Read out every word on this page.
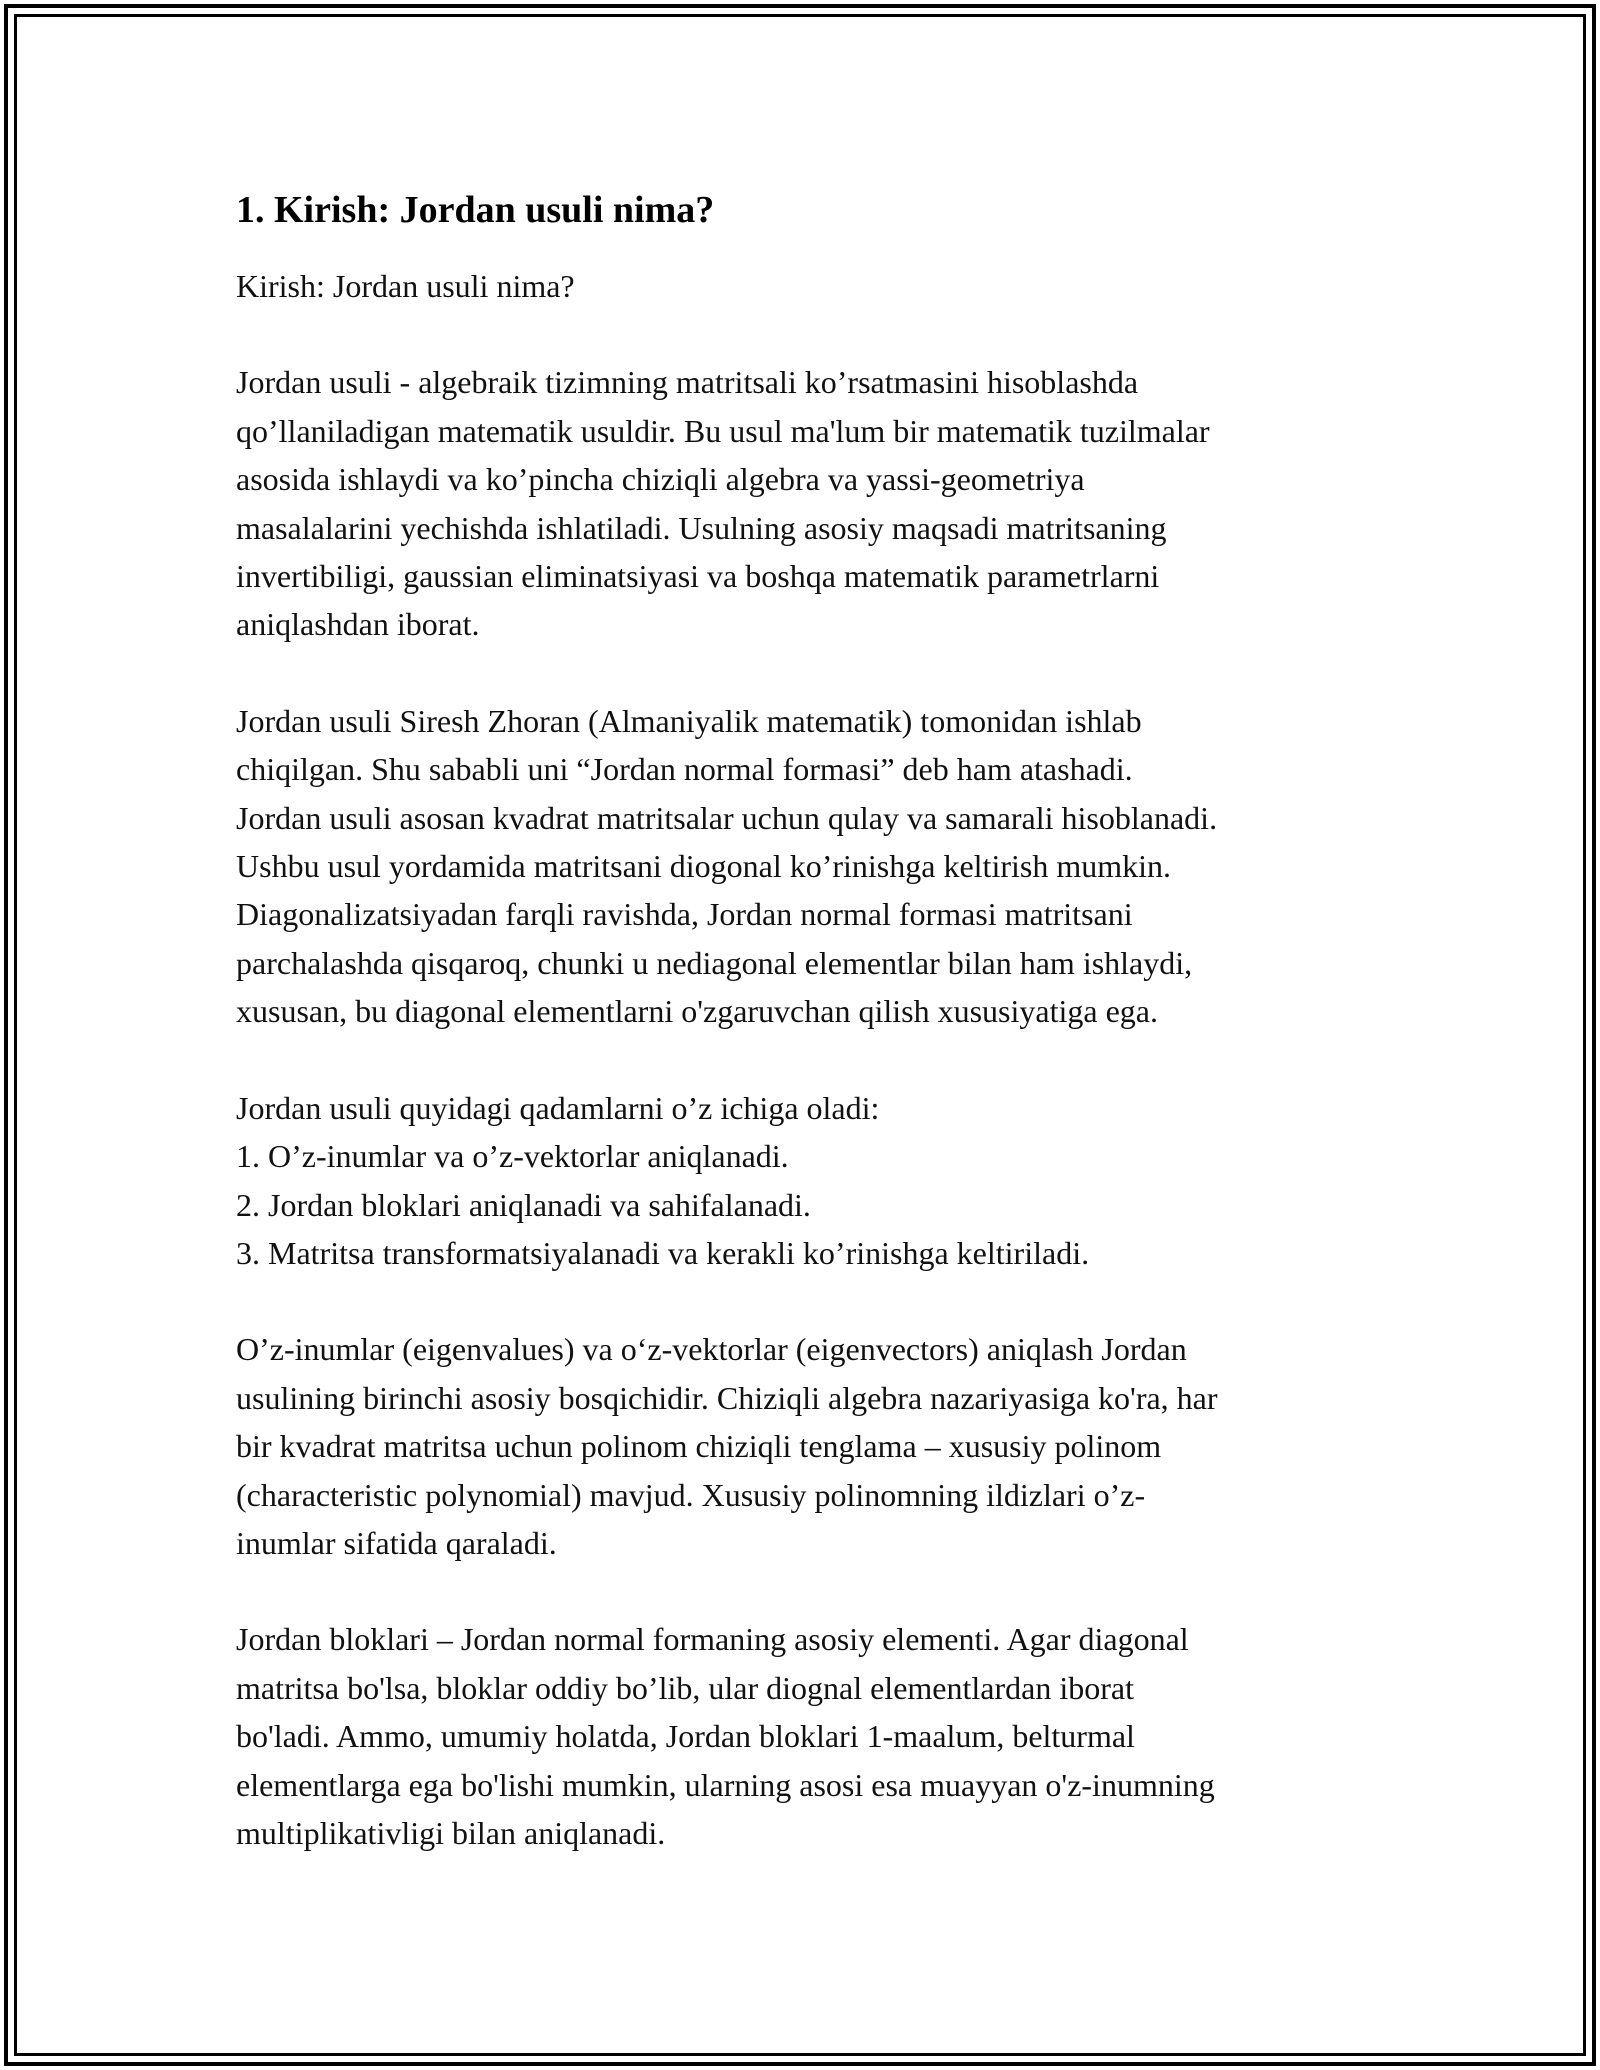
1. Kirish: Jordan usuli nima?

Kirish: Jordan usuli nima?

Jordan usuli - algebraik tizimning matritsali ko’rsatmasini hisoblashda

qo’llaniladigan matematik usuldir. Bu usul ma'lum bir matematik tuzilmalar

asosida ishlaydi va ko’pincha chiziqli algebra va yassi-geometriya

masalalarini yechishda ishlatiladi. Usulning asosiy maqsadi matritsaning

invertibiligi, gaussian eliminatsiyasi va boshqa matematik parametrlarni

aniqlashdan iborat.

Jordan usuli Siresh Zhoran (Almaniyalik matematik) tomonidan ishlab

chiqilgan. Shu sababli uni “Jordan normal formasi” deb ham atashadi.

Jordan usuli asosan kvadrat matritsalar uchun qulay va samarali hisoblanadi.

Ushbu usul yordamida matritsani diogonal ko’rinishga keltirish mumkin.

Diagonalizatsiyadan farqli ravishda, Jordan normal formasi matritsani

parchalashda qisqaroq, chunki u nediagonal elementlar bilan ham ishlaydi,

xususan, bu diagonal elementlarni o'zgaruvchan qilish xususiyatiga ega.

Jordan usuli quyidagi qadamlarni o’z ichiga oladi:

1. O’z-inumlar va o’z-vektorlar aniqlanadi.

2. Jordan bloklari aniqlanadi va sahifalanadi.

3. Matritsa transformatsiyalanadi va kerakli ko’rinishga keltiriladi.

O’z-inumlar (eigenvalues) va o‘z-vektorlar (eigenvectors) aniqlash Jordan

usulining birinchi asosiy bosqichidir. Chiziqli algebra nazariyasiga ko'ra, har

bir kvadrat matritsa uchun polinom chiziqli tenglama – xususiy polinom

(characteristic polynomial) mavjud. Xususiy polinomning ildizlari o’z-

inumlar sifatida qaraladi.

Jordan bloklari – Jordan normal formaning asosiy elementi. Agar diagonal

matritsa bo'lsa, bloklar oddiy bo’lib, ular diognal elementlardan iborat

bo'ladi. Ammo, umumiy holatda, Jordan bloklari 1-maalum, belturmal

elementlarga ega bo'lishi mumkin, ularning asosi esa muayyan o'z-inumning

multiplikativligi bilan aniqlanadi.
